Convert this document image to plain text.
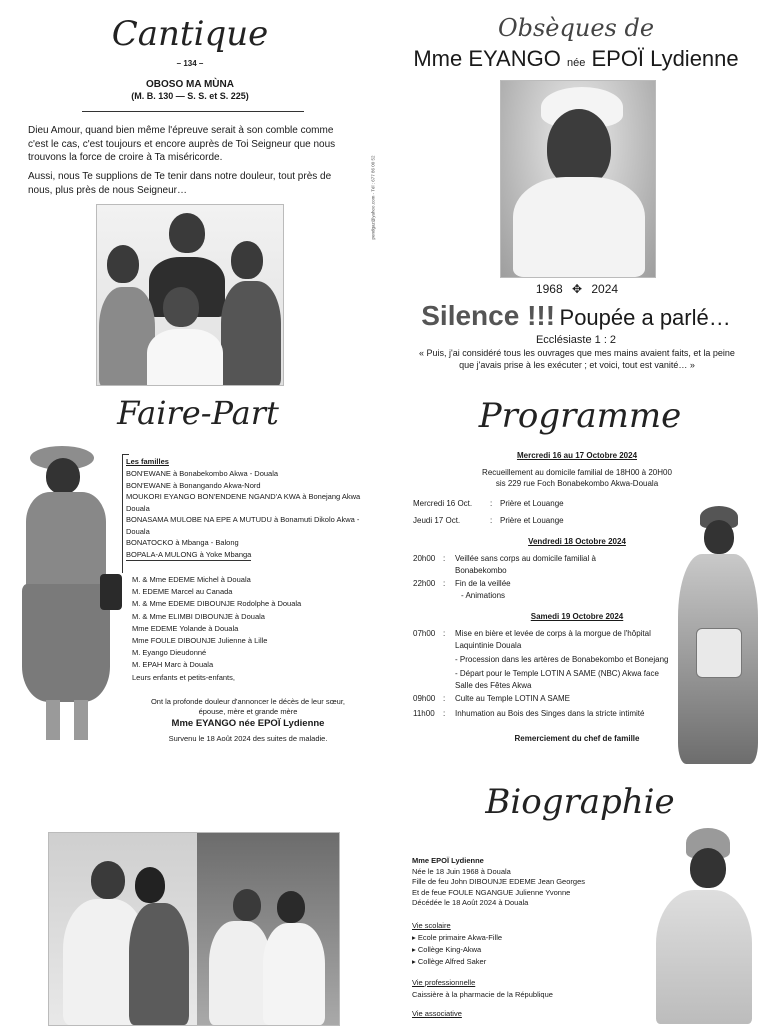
Cantique
– 134 –
OBOSO MA MÙNA
(M. B. 130 — S. S. et S. 225)
Dieu Amour, quand bien même l'épreuve serait à son comble comme c'est le cas, c'est toujours et encore auprès de Toi Seigneur que nous trouvons la force de croire à Ta miséricorde.
Aussi, nous Te supplions de Te tenir dans notre douleur, tout près de nous, plus près de nous Seigneur…	pendgaz@yahoo.com - Tél : 677 86 00 52
Obsèques de
Mme EYANGO née EPOÏ Lydienne
1968 ✥ 2024
Silence !!! Poupée a parlé…
Ecclésiaste 1 : 2
« Puis, j'ai considéré tous les ouvrages que mes mains avaient faits, et la peine que j'avais prise à les exécuter ; et voici, tout est vanité… »
Faire-Part
Les familles
BON'EWANE à Bonabekombo Akwa - Douala
BON'EWANE à Bonangando Akwa-Nord
MOUKORI EYANGO BON'ENDENE NGAND'A KWA à Bonejang Akwa Douala
BONASAMA MULOBE NA EPE A MUTUDU à Bonamuti Dikolo Akwa - Douala
BONATOCKO à Mbanga - Balong
BOPALA-A MULONG à Yoke Mbanga
M. & Mme EDEME Michel à Douala
M. EDEME Marcel au Canada
M. & Mme EDEME DIBOUNJE Rodolphe à Douala
M. & Mme ELIMBI DIBOUNJE à Douala
Mme EDEME Yolande à Douala
Mme FOULE DIBOUNJE Julienne à Lille
M. Eyango Dieudonné
M. EPAH Marc à Douala
Leurs enfants et petits-enfants,
Ont la profonde douleur d'annoncer le décès de leur sœur,
épouse, mère et grande mère
Mme EYANGO née EPOÏ Lydienne
Survenu le 18 Août 2024 des suites de maladie.
Programme
Mercredi 16 au 17 Octobre 2024
Recueillement au domicile familial de 18H00 à 20H00
sis 229 rue Foch Bonabekombo Akwa-Douala
Mercredi 16 Oct.	: Prière et Louange
Jeudi 17 Oct.	: Prière et Louange
Vendredi 18 Octobre 2024
20h00 :	Veillée sans corps au domicile familial à Bonabekombo
22h00 :	Fin de la veillée
- Animations
Samedi 19 Octobre 2024
07h00 :	Mise en bière et levée de corps à la morgue de l'hôpital Laquintinie Douala
- Procession dans les artères de Bonabekombo et Bonejang
- Départ pour le Temple LOTIN A SAME (NBC) Akwa face Salle des Fêtes Akwa
09h00 :	Culte au Temple LOTIN A SAME
11h00	:	Inhumation au Bois des Singes dans la stricte intimité
Remerciement du chef de famille
Biographie
Mme EPOÏ Lydienne
Née le 18 Juin 1968 à Douala
Fille de feu John DIBOUNJE EDEME Jean Georges
Et de feue FOULE NGANGUE Julienne Yvonne
Décédée le 18 Août 2024 à Douala
Vie scolaire
▸ Ecole primaire Akwa-Fille
▸ Collège King-Akwa
▸ Collège Alfred Saker
Vie professionnelle
Caissière à la pharmacie de la République
Vie associative
